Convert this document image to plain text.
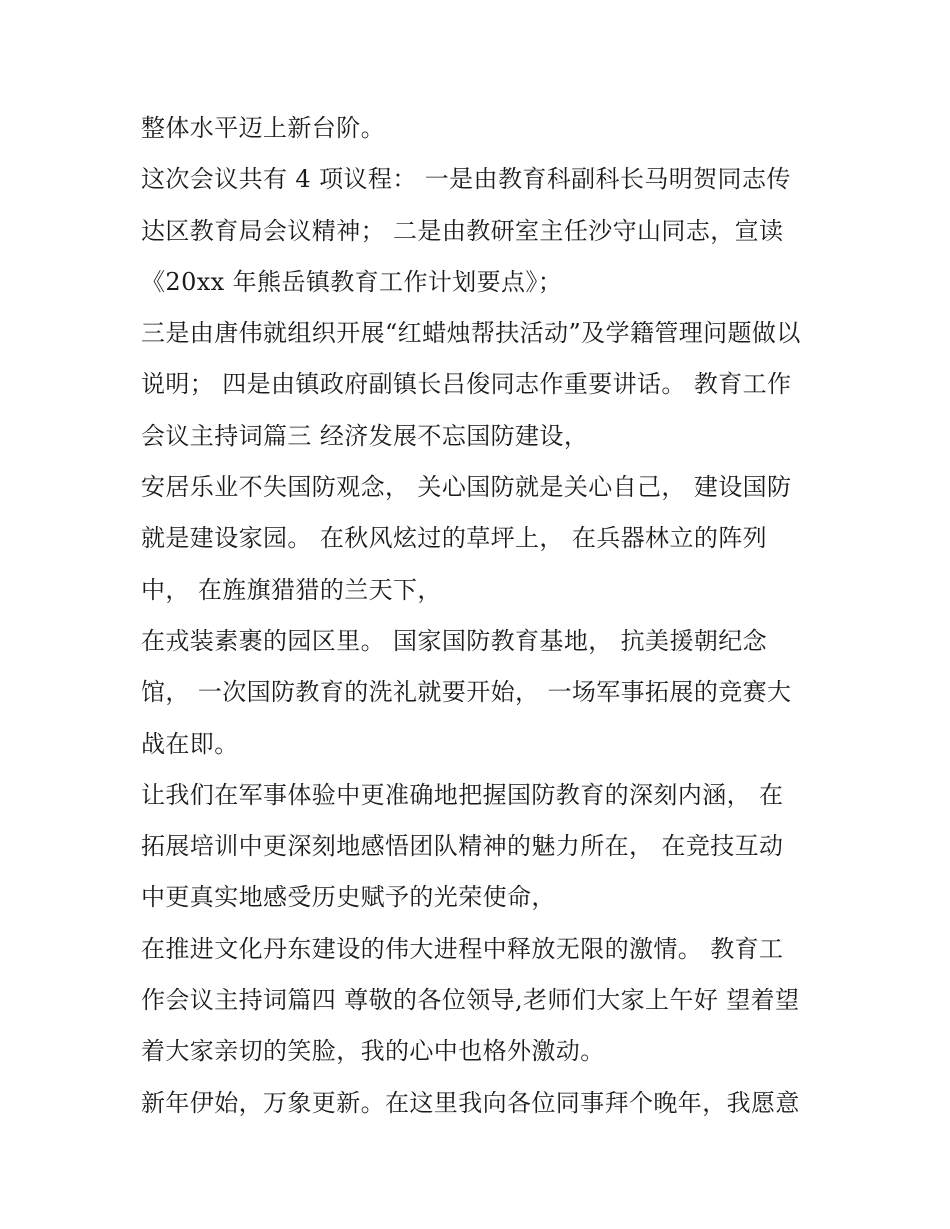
整体水平迈上新台阶。
这次会议共有 4 项议程： 一是由教育科副科长马明贺同志传
达区教育局会议精神； 二是由教研室主任沙守山同志，宣读
《20xx 年熊岳镇教育工作计划要点》；
三是由唐伟就组织开展“红蜡烛帮扶活动”及学籍管理问题做以
说明； 四是由镇政府副镇长吕俊同志作重要讲话。 教育工作
会议主持词篇三 经济发展不忘国防建设，
安居乐业不失国防观念， 关心国防就是关心自己， 建设国防
就是建设家园。 在秋风炫过的草坪上， 在兵器林立的阵列
中， 在旌旗猎猎的兰天下，
在戎装素裹的园区里。 国家国防教育基地， 抗美援朝纪念
馆， 一次国防教育的洗礼就要开始， 一场军事拓展的竞赛大
战在即。
让我们在军事体验中更准确地把握国防教育的深刻内涵， 在
拓展培训中更深刻地感悟团队精神的魅力所在， 在竞技互动
中更真实地感受历史赋予的光荣使命，
在推进文化丹东建设的伟大进程中释放无限的激情。 教育工
作会议主持词篇四 尊敬的各位领导,老师们大家上午好 望着望
着大家亲切的笑脸，我的心中也格外激动。
新年伊始，万象更新。在这里我向各位同事拜个晚年，我愿意
